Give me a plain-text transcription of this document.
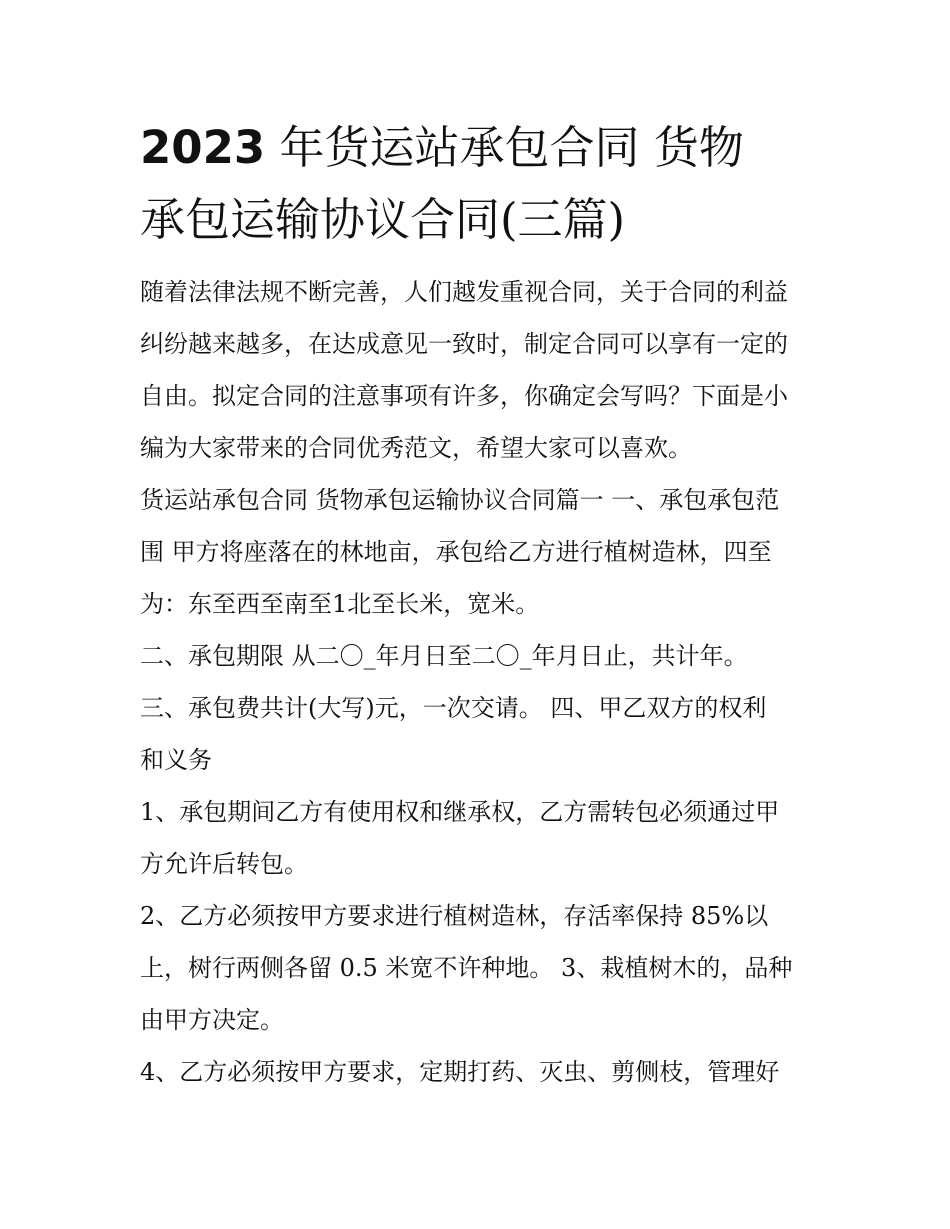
2023 年货运站承包合同 货物
承包运输协议合同(三篇)
随着法律法规不断完善，人们越发重视合同，关于合同的利益
纠纷越来越多，在达成意见一致时，制定合同可以享有一定的
自由。拟定合同的注意事项有许多，你确定会写吗？下面是小
编为大家带来的合同优秀范文，希望大家可以喜欢。
货运站承包合同 货物承包运输协议合同篇一 一、承包承包范
围 甲方将座落在的林地亩，承包给乙方进行植树造林，四至
为：东至西至南至1北至长米，宽米。
二、承包期限 从二〇_年月日至二〇_年月日止，共计年。
三、承包费共计(大写)元，一次交请。 四、甲乙双方的权利
和义务
1、承包期间乙方有使用权和继承权，乙方需转包必须通过甲
方允许后转包。
2、乙方必须按甲方要求进行植树造林，存活率保持 85%以
上，树行两侧各留 0.5 米宽不许种地。 3、栽植树木的，品种
由甲方决定。
4、乙方必须按甲方要求，定期打药、灭虫、剪侧枝，管理好
